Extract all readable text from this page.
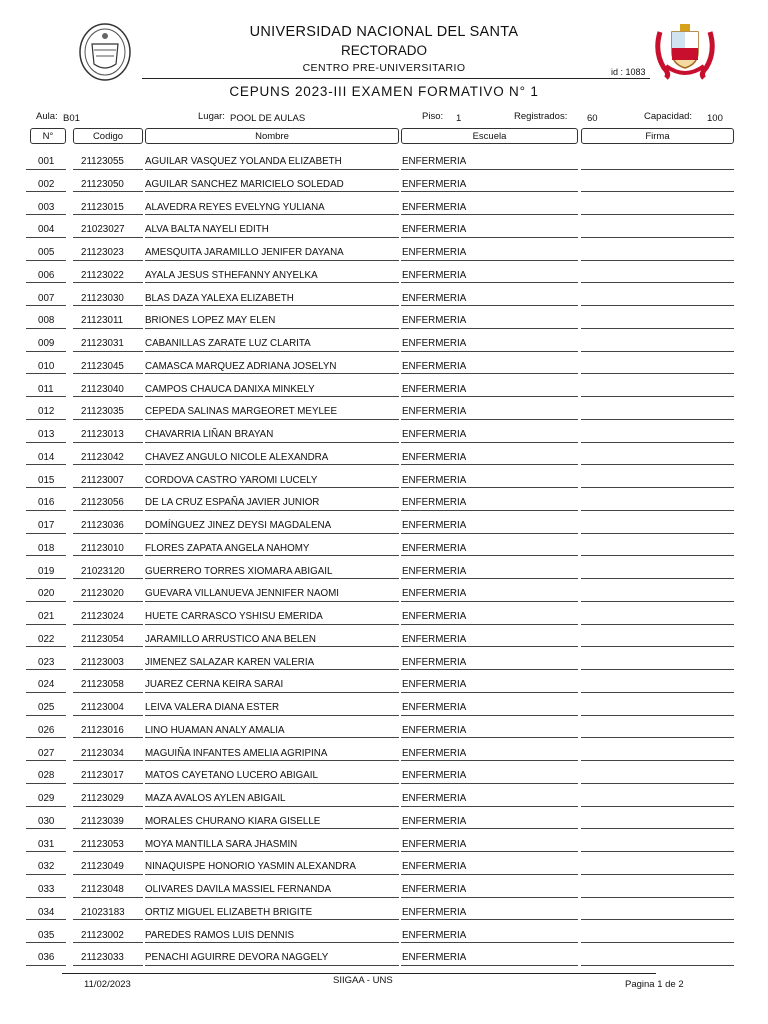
UNIVERSIDAD NACIONAL DEL SANTA
RECTORADO
CENTRO PRE-UNIVERSITARIO	id : 1083
CEPUNS 2023-III EXAMEN FORMATIVO N° 1
Aula: B01	Lugar: POOL DE AULAS	Piso: 1	Registrados: 60	Capacidad: 100
N°	Codigo	Nombre	Escuela	Firma
001	21123055 AGUILAR VASQUEZ YOLANDA ELIZABETH	ENFERMERIA
002	21123050 AGUILAR SANCHEZ MARICIELO SOLEDAD	ENFERMERIA
003	21123015 ALAVEDRA REYES EVELYNG YULIANA	ENFERMERIA
004	21023027 ALVA BALTA NAYELI EDITH	ENFERMERIA
005	21123023 AMESQUITA JARAMILLO JENIFER DAYANA	ENFERMERIA
006	21123022 AYALA JESUS STHEFANNY ANYELKA	ENFERMERIA
007	21123030 BLAS DAZA YALEXA ELIZABETH	ENFERMERIA
008	21123011 BRIONES LOPEZ MAY ELEN	ENFERMERIA
009	21123031 CABANILLAS ZARATE LUZ CLARITA	ENFERMERIA
010	21123045 CAMASCA MARQUEZ ADRIANA JOSELYN	ENFERMERIA
011	21123040 CAMPOS CHAUCA DANIXA MINKELY	ENFERMERIA
012	21123035 CEPEDA SALINAS MARGEORET MEYLEE	ENFERMERIA
013	21123013 CHAVARRIA LIÑAN BRAYAN	ENFERMERIA
014	21123042 CHAVEZ ANGULO NICOLE ALEXANDRA	ENFERMERIA
015	21123007 CORDOVA CASTRO YAROMI LUCELY	ENFERMERIA
016	21123056 DE LA CRUZ ESPAÑA JAVIER JUNIOR	ENFERMERIA
017	21123036 DOMÍNGUEZ JINEZ DEYSI MAGDALENA	ENFERMERIA
018	21123010 FLORES ZAPATA ANGELA NAHOMY	ENFERMERIA
019	21023120 GUERRERO TORRES XIOMARA ABIGAIL	ENFERMERIA
020	21123020 GUEVARA VILLANUEVA JENNIFER NAOMI	ENFERMERIA
021	21123024 HUETE CARRASCO YSHISU EMERIDA	ENFERMERIA
022	21123054 JARAMILLO ARRUSTICO ANA BELEN	ENFERMERIA
023	21123003 JIMENEZ SALAZAR KAREN VALERIA	ENFERMERIA
024	21123058 JUAREZ CERNA KEIRA SARAI	ENFERMERIA
025	21123004 LEIVA VALERA DIANA ESTER	ENFERMERIA
026	21123016 LINO HUAMAN ANALY AMALIA	ENFERMERIA
027	21123034 MAGUIÑA INFANTES AMELIA AGRIPINA	ENFERMERIA
028	21123017 MATOS CAYETANO LUCERO ABIGAIL	ENFERMERIA
029	21123029 MAZA AVALOS AYLEN ABIGAIL	ENFERMERIA
030	21123039 MORALES CHURANO KIARA GISELLE	ENFERMERIA
031	21123053 MOYA MANTILLA SARA JHASMIN	ENFERMERIA
032	21123049 NINAQUISPE HONORIO YASMIN ALEXANDRA	ENFERMERIA
033	21123048 OLIVARES DAVILA MASSIEL FERNANDA	ENFERMERIA
034	21023183 ORTIZ MIGUEL ELIZABETH BRIGITE	ENFERMERIA
035	21123002 PAREDES RAMOS LUIS DENNIS	ENFERMERIA
036	21123033 PENACHI AGUIRRE DEVORA NAGGELY	ENFERMERIA
11/02/2023	SIIGAA - UNS	Pagina 1 de 2
